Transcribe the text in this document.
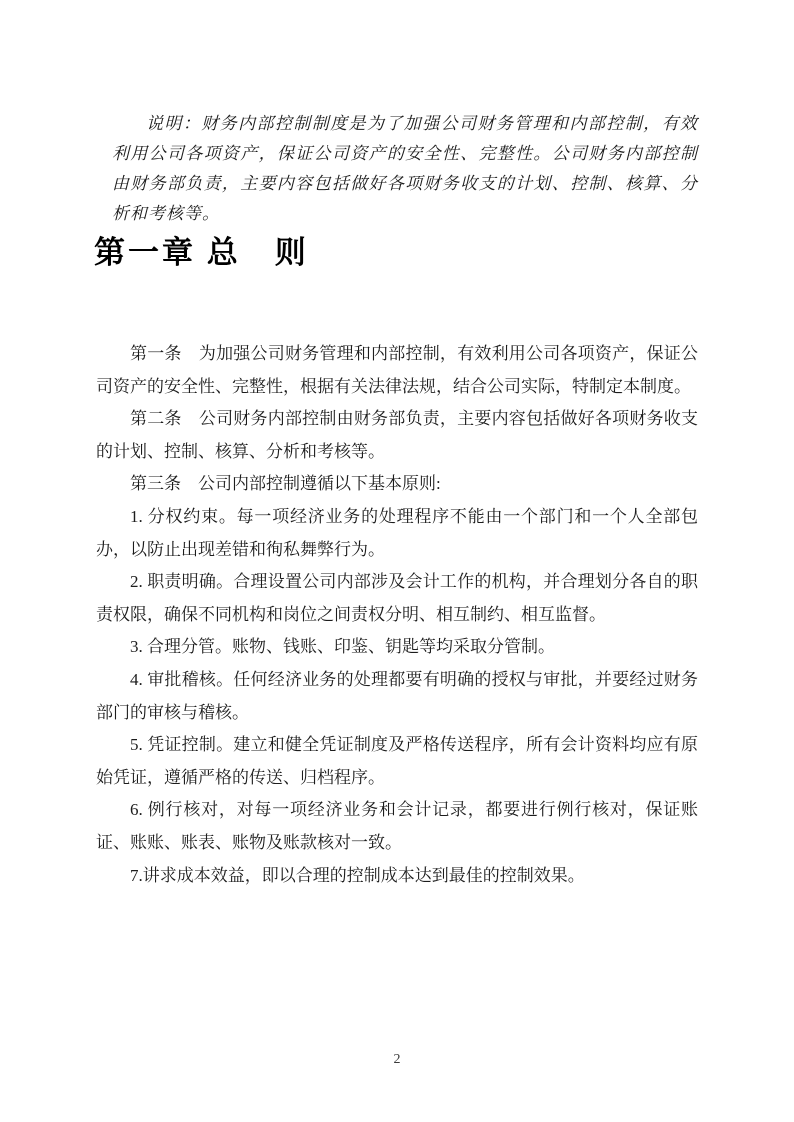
说明：财务内部控制制度是为了加强公司财务管理和内部控制，有效利用公司各项资产，保证公司资产的安全性、完整性。公司财务内部控制由财务部负责，主要内容包括做好各项财务收支的计划、控制、核算、分析和考核等。

第一章 总　则

第一条　为加强公司财务管理和内部控制，有效利用公司各项资产，保证公司资产的安全性、完整性，根据有关法律法规，结合公司实际，特制定本制度。

第二条　公司财务内部控制由财务部负责，主要内容包括做好各项财务收支的计划、控制、核算、分析和考核等。

第三条　公司内部控制遵循以下基本原则:

1. 分权约束。每一项经济业务的处理程序不能由一个部门和一个人全部包办，以防止出现差错和徇私舞弊行为。

2. 职责明确。合理设置公司内部涉及会计工作的机构，并合理划分各自的职责权限，确保不同机构和岗位之间责权分明、相互制约、相互监督。

3. 合理分管。账物、钱账、印鉴、钥匙等均采取分管制。

4. 审批稽核。任何经济业务的处理都要有明确的授权与审批，并要经过财务部门的审核与稽核。

5. 凭证控制。建立和健全凭证制度及严格传送程序，所有会计资料均应有原始凭证，遵循严格的传送、归档程序。

6. 例行核对，对每一项经济业务和会计记录，都要进行例行核对，保证账证、账账、账表、账物及账款核对一致。

7.讲求成本效益，即以合理的控制成本达到最佳的控制效果。

2
